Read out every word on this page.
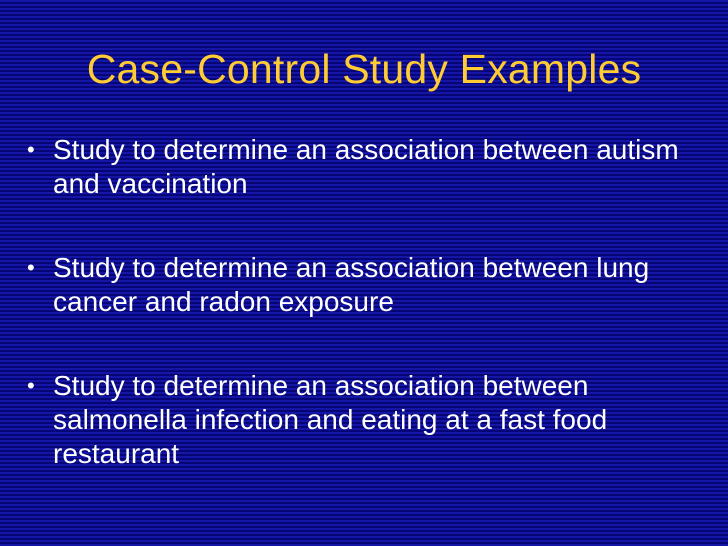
Case-Control Study Examples
• Study to determine an association between autism and vaccination
• Study to determine an association between lung cancer and radon exposure
• Study to determine an association between salmonella infection and eating at a fast food restaurant
